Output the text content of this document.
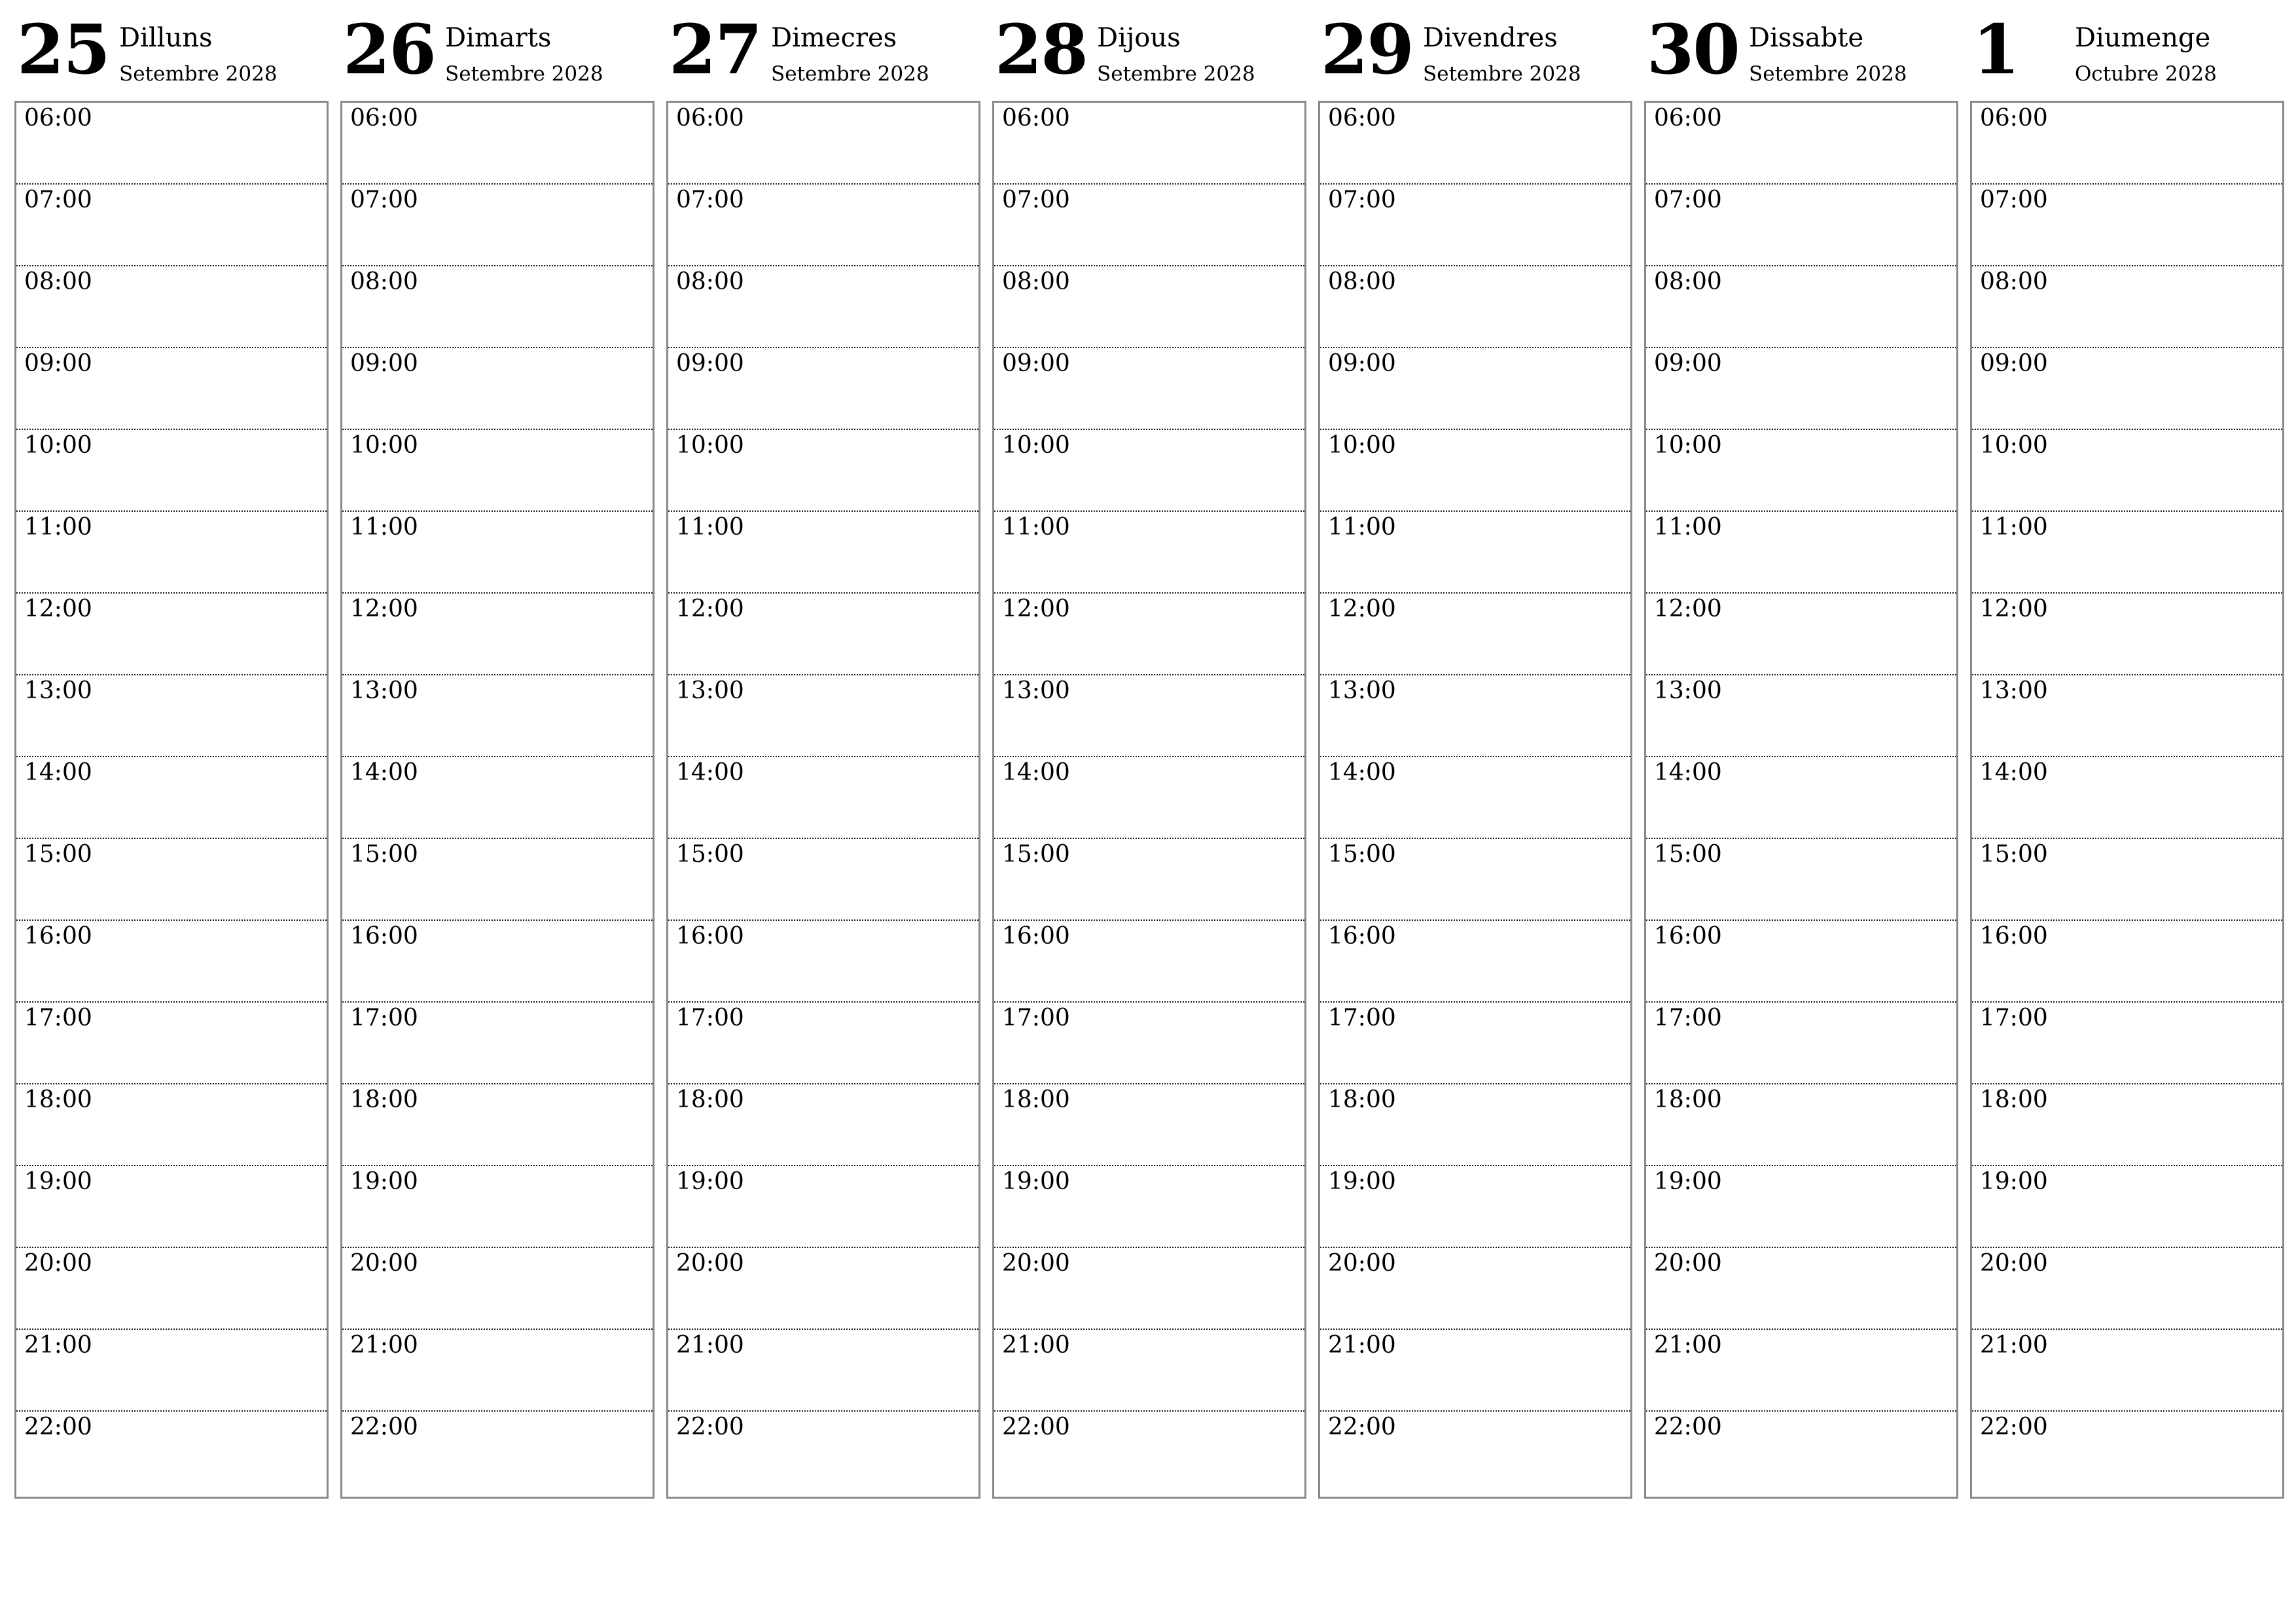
25 Dilluns
Setembre 2028
06:00
07:00
08:00
09:00
10:00
11:00
12:00
13:00
14:00
15:00
16:00
17:00
18:00
19:00
20:00
21:00
22:00
26 Dimarts
Setembre 2028
06:00
07:00
08:00
09:00
10:00
11:00
12:00
13:00
14:00
15:00
16:00
17:00
18:00
19:00
20:00
21:00
22:00
27 Dimecres
Setembre 2028
06:00
07:00
08:00
09:00
10:00
11:00
12:00
13:00
14:00
15:00
16:00
17:00
18:00
19:00
20:00
21:00
22:00
28 Dijous
Setembre 2028
06:00
07:00
08:00
09:00
10:00
11:00
12:00
13:00
14:00
15:00
16:00
17:00
18:00
19:00
20:00
21:00
22:00
29 Divendres
Setembre 2028
06:00
07:00
08:00
09:00
10:00
11:00
12:00
13:00
14:00
15:00
16:00
17:00
18:00
19:00
20:00
21:00
22:00
30 Dissabte
Setembre 2028
06:00
07:00
08:00
09:00
10:00
11:00
12:00
13:00
14:00
15:00
16:00
17:00
18:00
19:00
20:00
21:00
22:00
1 Diumenge
Octubre 2028
06:00
07:00
08:00
09:00
10:00
11:00
12:00
13:00
14:00
15:00
16:00
17:00
18:00
19:00
20:00
21:00
22:00
